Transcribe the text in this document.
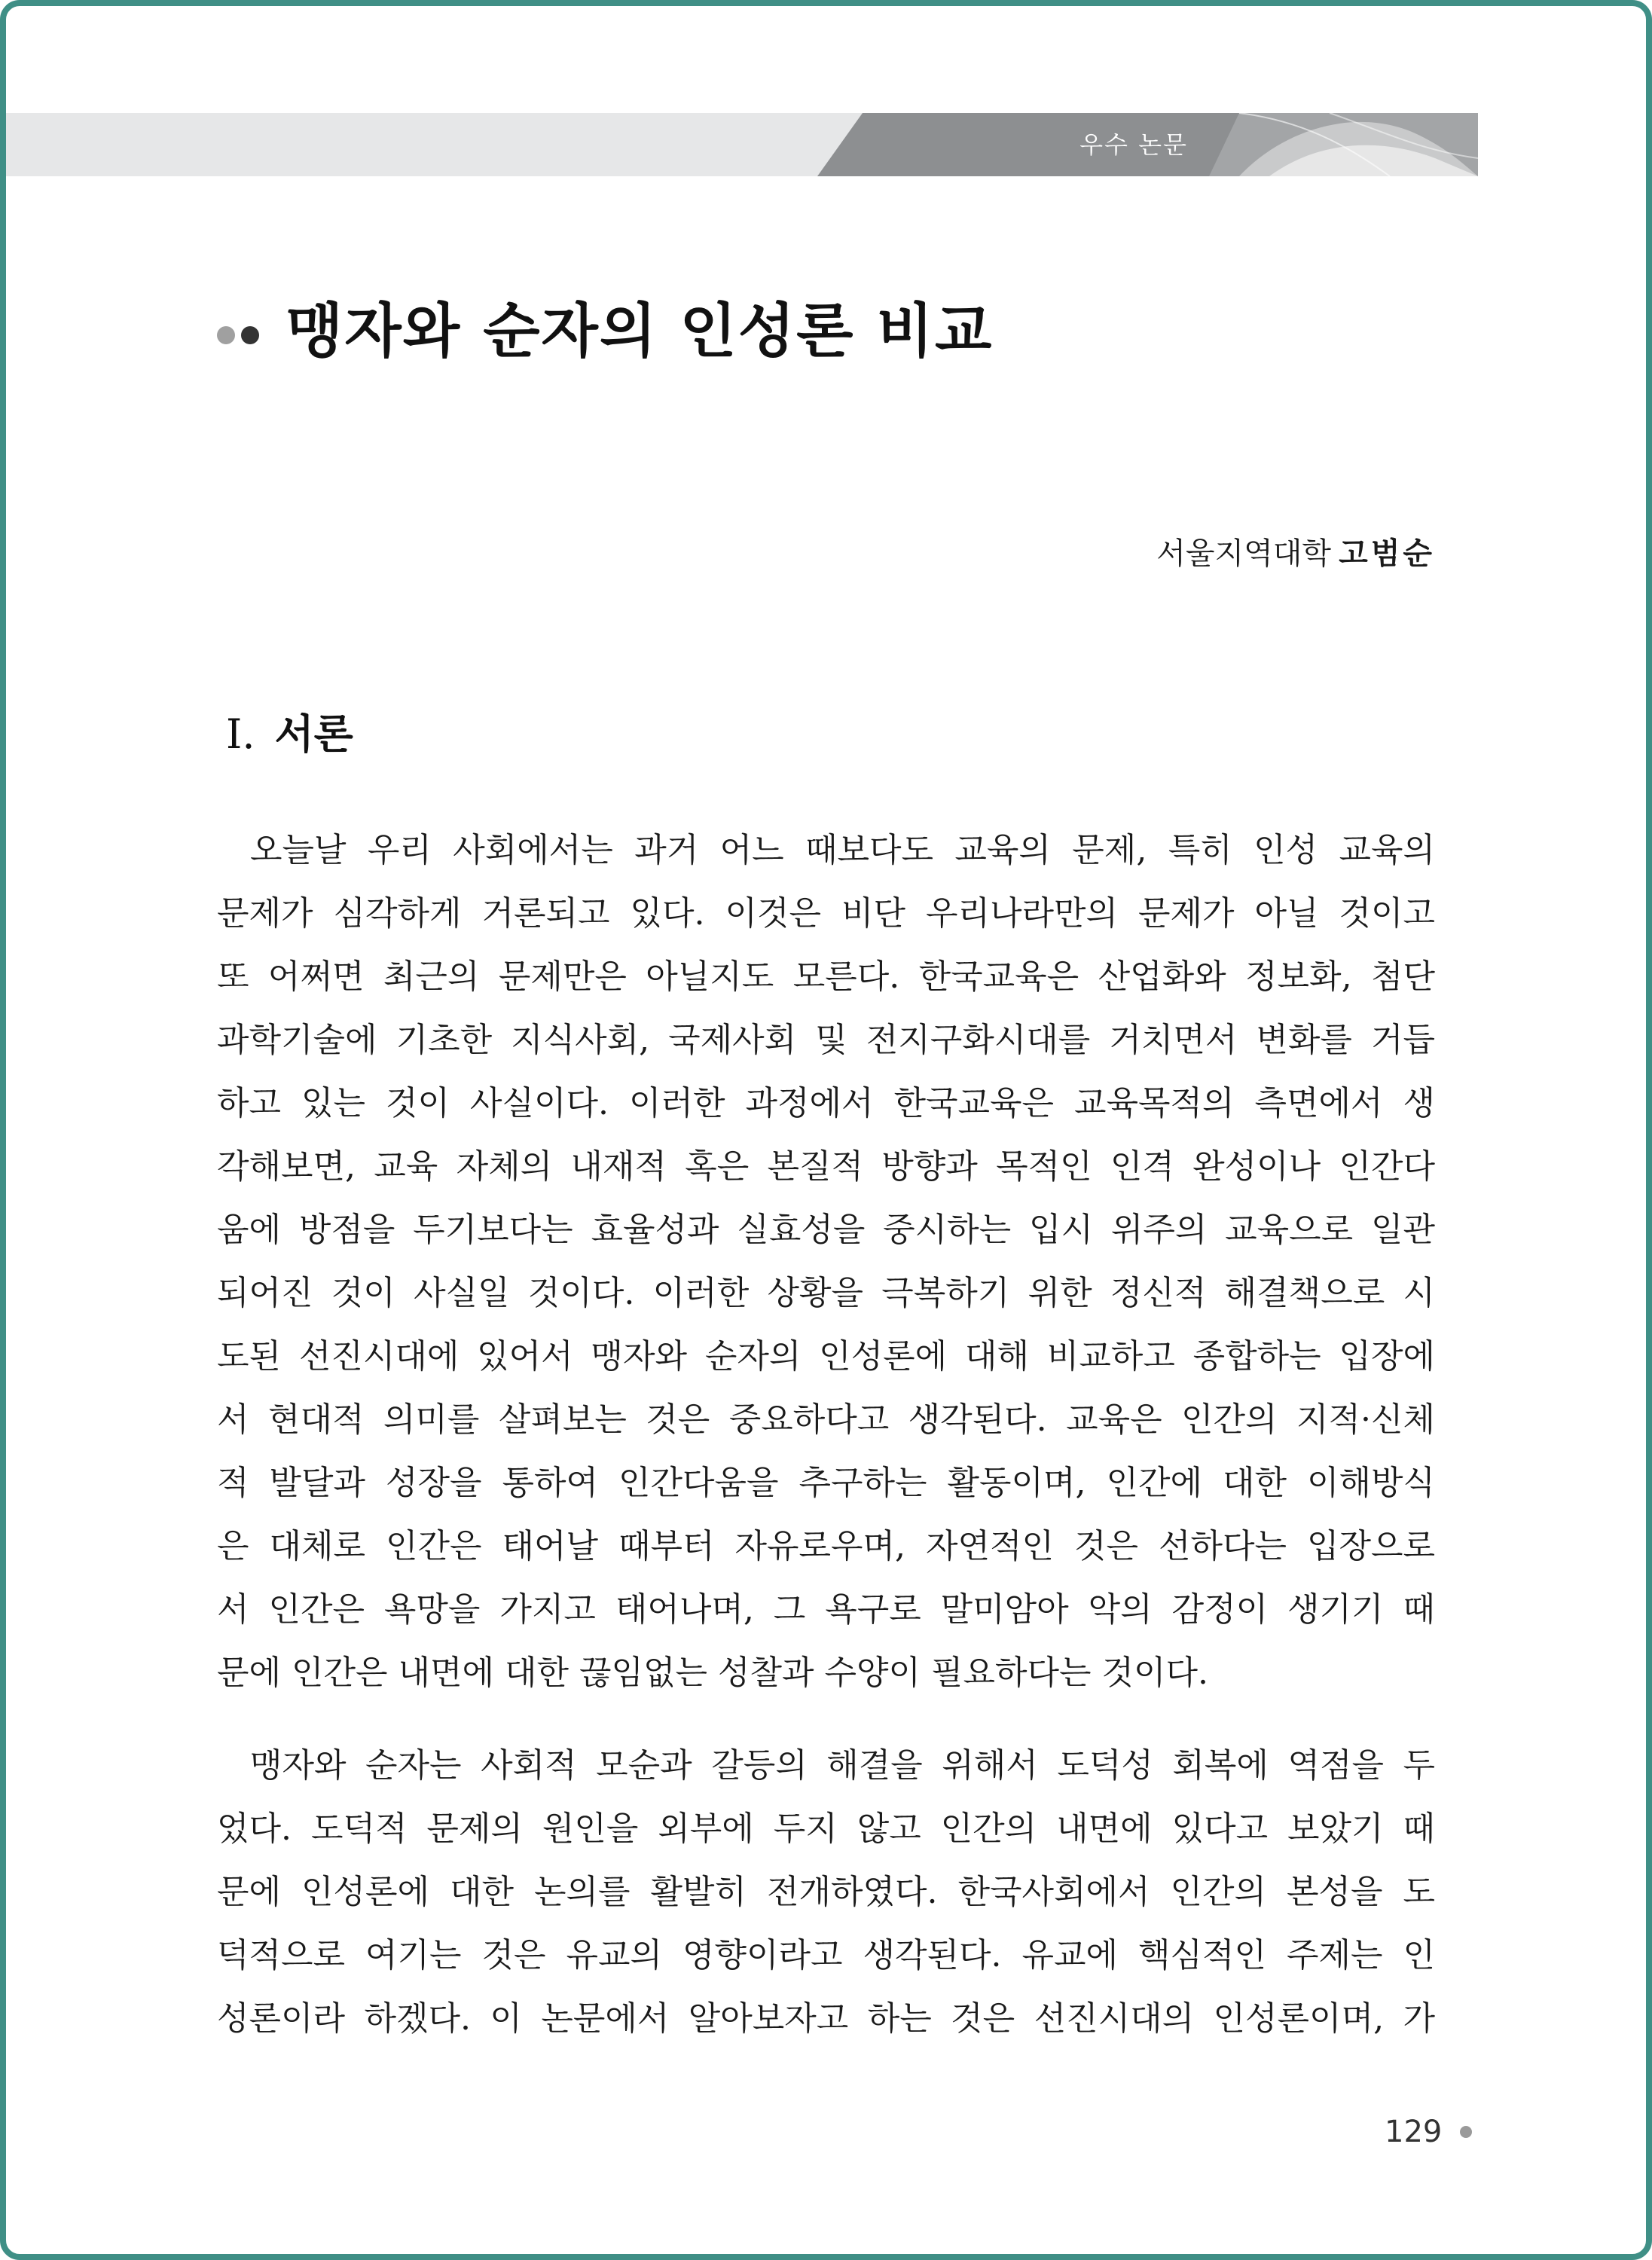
우수 논문
맹자와 순자의 인성론 비교
서울지역대학 고범순
Ⅰ. 서론
오늘날 우리 사회에서는 과거 어느 때보다도 교육의 문제, 특히 인성 교육의
문제가 심각하게 거론되고 있다. 이것은 비단 우리나라만의 문제가 아닐 것이고
또 어쩌면 최근의 문제만은 아닐지도 모른다. 한국교육은 산업화와 정보화, 첨단
과학기술에 기초한 지식사회, 국제사회 및 전지구화시대를 거치면서 변화를 거듭
하고 있는 것이 사실이다. 이러한 과정에서 한국교육은 교육목적의 측면에서 생
각해보면, 교육 자체의 내재적 혹은 본질적 방향과 목적인 인격 완성이나 인간다
움에 방점을 두기보다는 효율성과 실효성을 중시하는 입시 위주의 교육으로 일관
되어진 것이 사실일 것이다. 이러한 상황을 극복하기 위한 정신적 해결책으로 시
도된 선진시대에 있어서 맹자와 순자의 인성론에 대해 비교하고 종합하는 입장에
서 현대적 의미를 살펴보는 것은 중요하다고 생각된다. 교육은 인간의 지적·신체
적 발달과 성장을 통하여 인간다움을 추구하는 활동이며, 인간에 대한 이해방식
은 대체로 인간은 태어날 때부터 자유로우며, 자연적인 것은 선하다는 입장으로
서 인간은 욕망을 가지고 태어나며, 그 욕구로 말미암아 악의 감정이 생기기 때
문에 인간은 내면에 대한 끊임없는 성찰과 수양이 필요하다는 것이다.
맹자와 순자는 사회적 모순과 갈등의 해결을 위해서 도덕성 회복에 역점을 두
었다. 도덕적 문제의 원인을 외부에 두지 않고 인간의 내면에 있다고 보았기 때
문에 인성론에 대한 논의를 활발히 전개하였다. 한국사회에서 인간의 본성을 도
덕적으로 여기는 것은 유교의 영향이라고 생각된다. 유교에 핵심적인 주제는 인
성론이라 하겠다. 이 논문에서 알아보자고 하는 것은 선진시대의 인성론이며, 가
129
